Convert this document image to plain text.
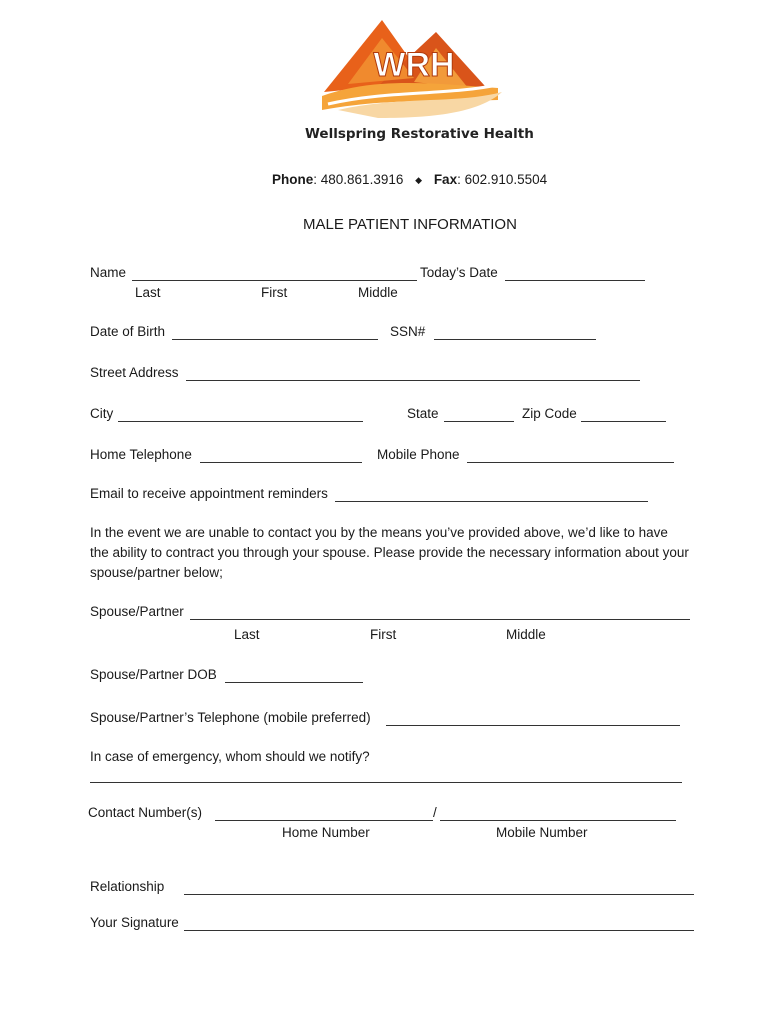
WRH
Wellspring Restorative Health
Phone: 480.861.3916 ◆ Fax: 602.910.5504
MALE PATIENT INFORMATION
Name	Today’s Date
Last	First	Middle
Date of Birth	SSN#
Street Address
City	State	Zip Code
Home Telephone	Mobile Phone
Email to receive appointment reminders
In the event we are unable to contact you by the means you’ve provided above, we’d like to have the ability to contract you through your spouse. Please provide the necessary information about your spouse/partner below;
Spouse/Partner
Last	First	Middle
Spouse/Partner DOB
Spouse/Partner’s Telephone (mobile preferred)
In case of emergency, whom should we notify?
Contact Number(s)	/
Home Number	Mobile Number
Relationship
Your Signature
